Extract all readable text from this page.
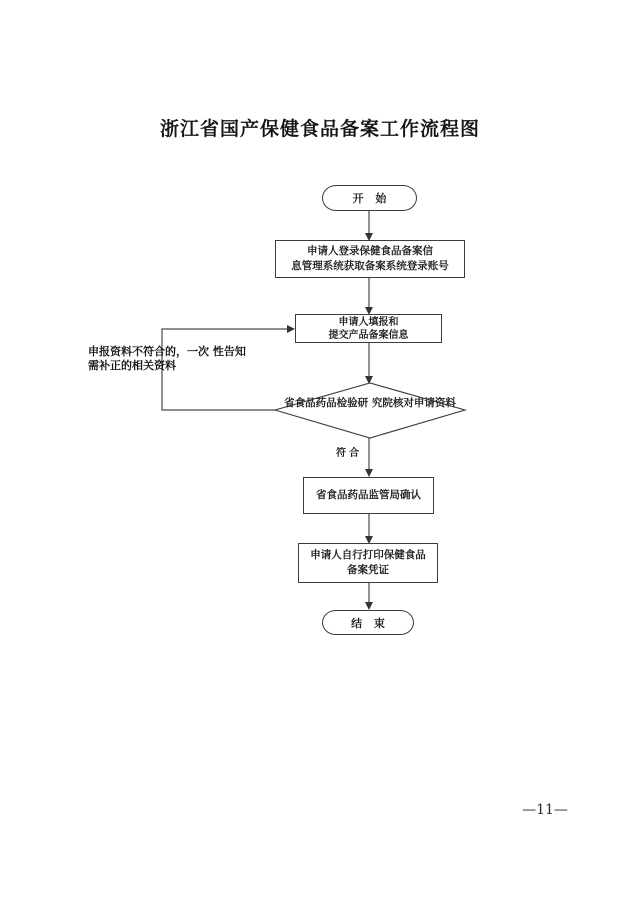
浙江省国产保健食品备案工作流程图
开 始
申请人登录保健食品备案信
息管理系统获取备案系统登录账号
申请人填报和
提交产品备案信息
申报资料不符合的，一次 性告知需补正的相关资料
省食品药品检验研 究院核对申请资料
符合
省食品药品监管局确认
申请人自行打印保健食品
备案凭证
结 束
—11—
